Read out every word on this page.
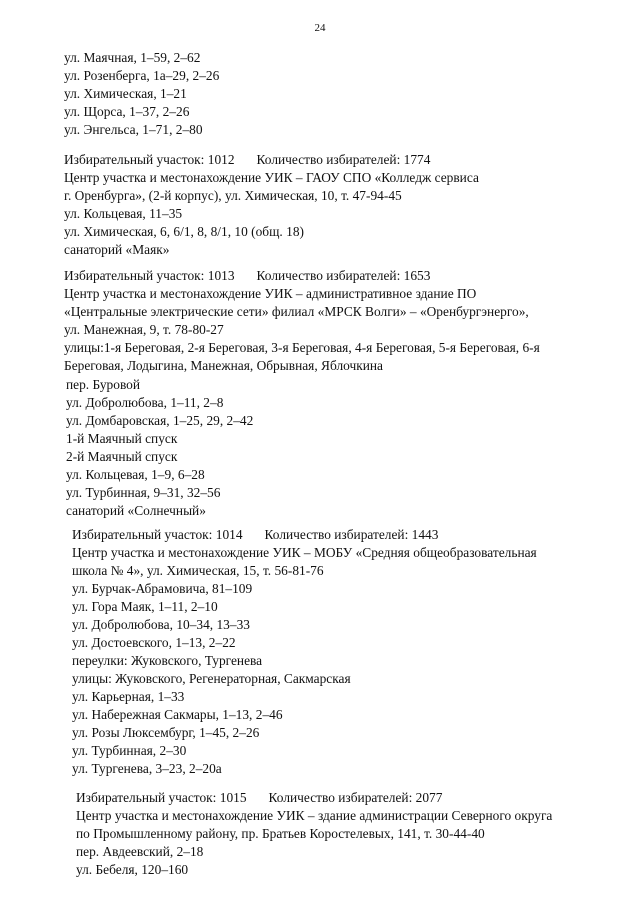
24
ул. Маячная, 1–59, 2–62
ул. Розенберга, 1а–29, 2–26
ул. Химическая, 1–21
ул. Щорса, 1–37, 2–26
ул. Энгельса, 1–71, 2–80
Избирательный участок: 1012 Количество избирателей: 1774
Центр участка и местонахождение УИК – ГАОУ СПО «Колледж сервиса
г. Оренбурга», (2-й корпус), ул. Химическая, 10, т. 47-94-45
ул. Кольцевая, 11–35
ул. Химическая, 6, 6/1, 8, 8/1, 10 (общ. 18)
санаторий «Маяк»
Избирательный участок: 1013 Количество избирателей: 1653
Центр участка и местонахождение УИК – административное здание ПО
«Центральные электрические сети» филиал «МРСК Волги» – «Оренбургэнерго»,
ул. Манежная, 9, т. 78-80-27
улицы:1-я Береговая, 2-я Береговая, 3-я Береговая, 4-я Береговая, 5-я Береговая, 6-я
Береговая, Лодыгина, Манежная, Обрывная, Яблочкина
пер. Буровой
ул. Добролюбова, 1–11, 2–8
ул. Домбаровская, 1–25, 29, 2–42
1-й Маячный спуск
2-й Маячный спуск
ул. Кольцевая, 1–9, 6–28
ул. Турбинная, 9–31, 32–56
санаторий «Солнечный»
Избирательный участок: 1014 Количество избирателей: 1443
Центр участка и местонахождение УИК – МОБУ «Средняя общеобразовательная
школа № 4», ул. Химическая, 15, т. 56-81-76
ул. Бурчак-Абрамовича, 81–109
ул. Гора Маяк, 1–11, 2–10
ул. Добролюбова, 10–34, 13–33
ул. Достоевского, 1–13, 2–22
переулки: Жуковского, Тургенева
улицы: Жуковского, Регенераторная, Сакмарская
ул. Карьерная, 1–33
ул. Набережная Сакмары, 1–13, 2–46
ул. Розы Люксембург, 1–45, 2–26
ул. Турбинная, 2–30
ул. Тургенева, 3–23, 2–20а
Избирательный участок: 1015 Количество избирателей: 2077
Центр участка и местонахождение УИК – здание администрации Северного округа
по Промышленному району, пр. Братьев Коростелевых, 141, т. 30-44-40
пер. Авдеевский, 2–18
ул. Бебеля, 120–160
